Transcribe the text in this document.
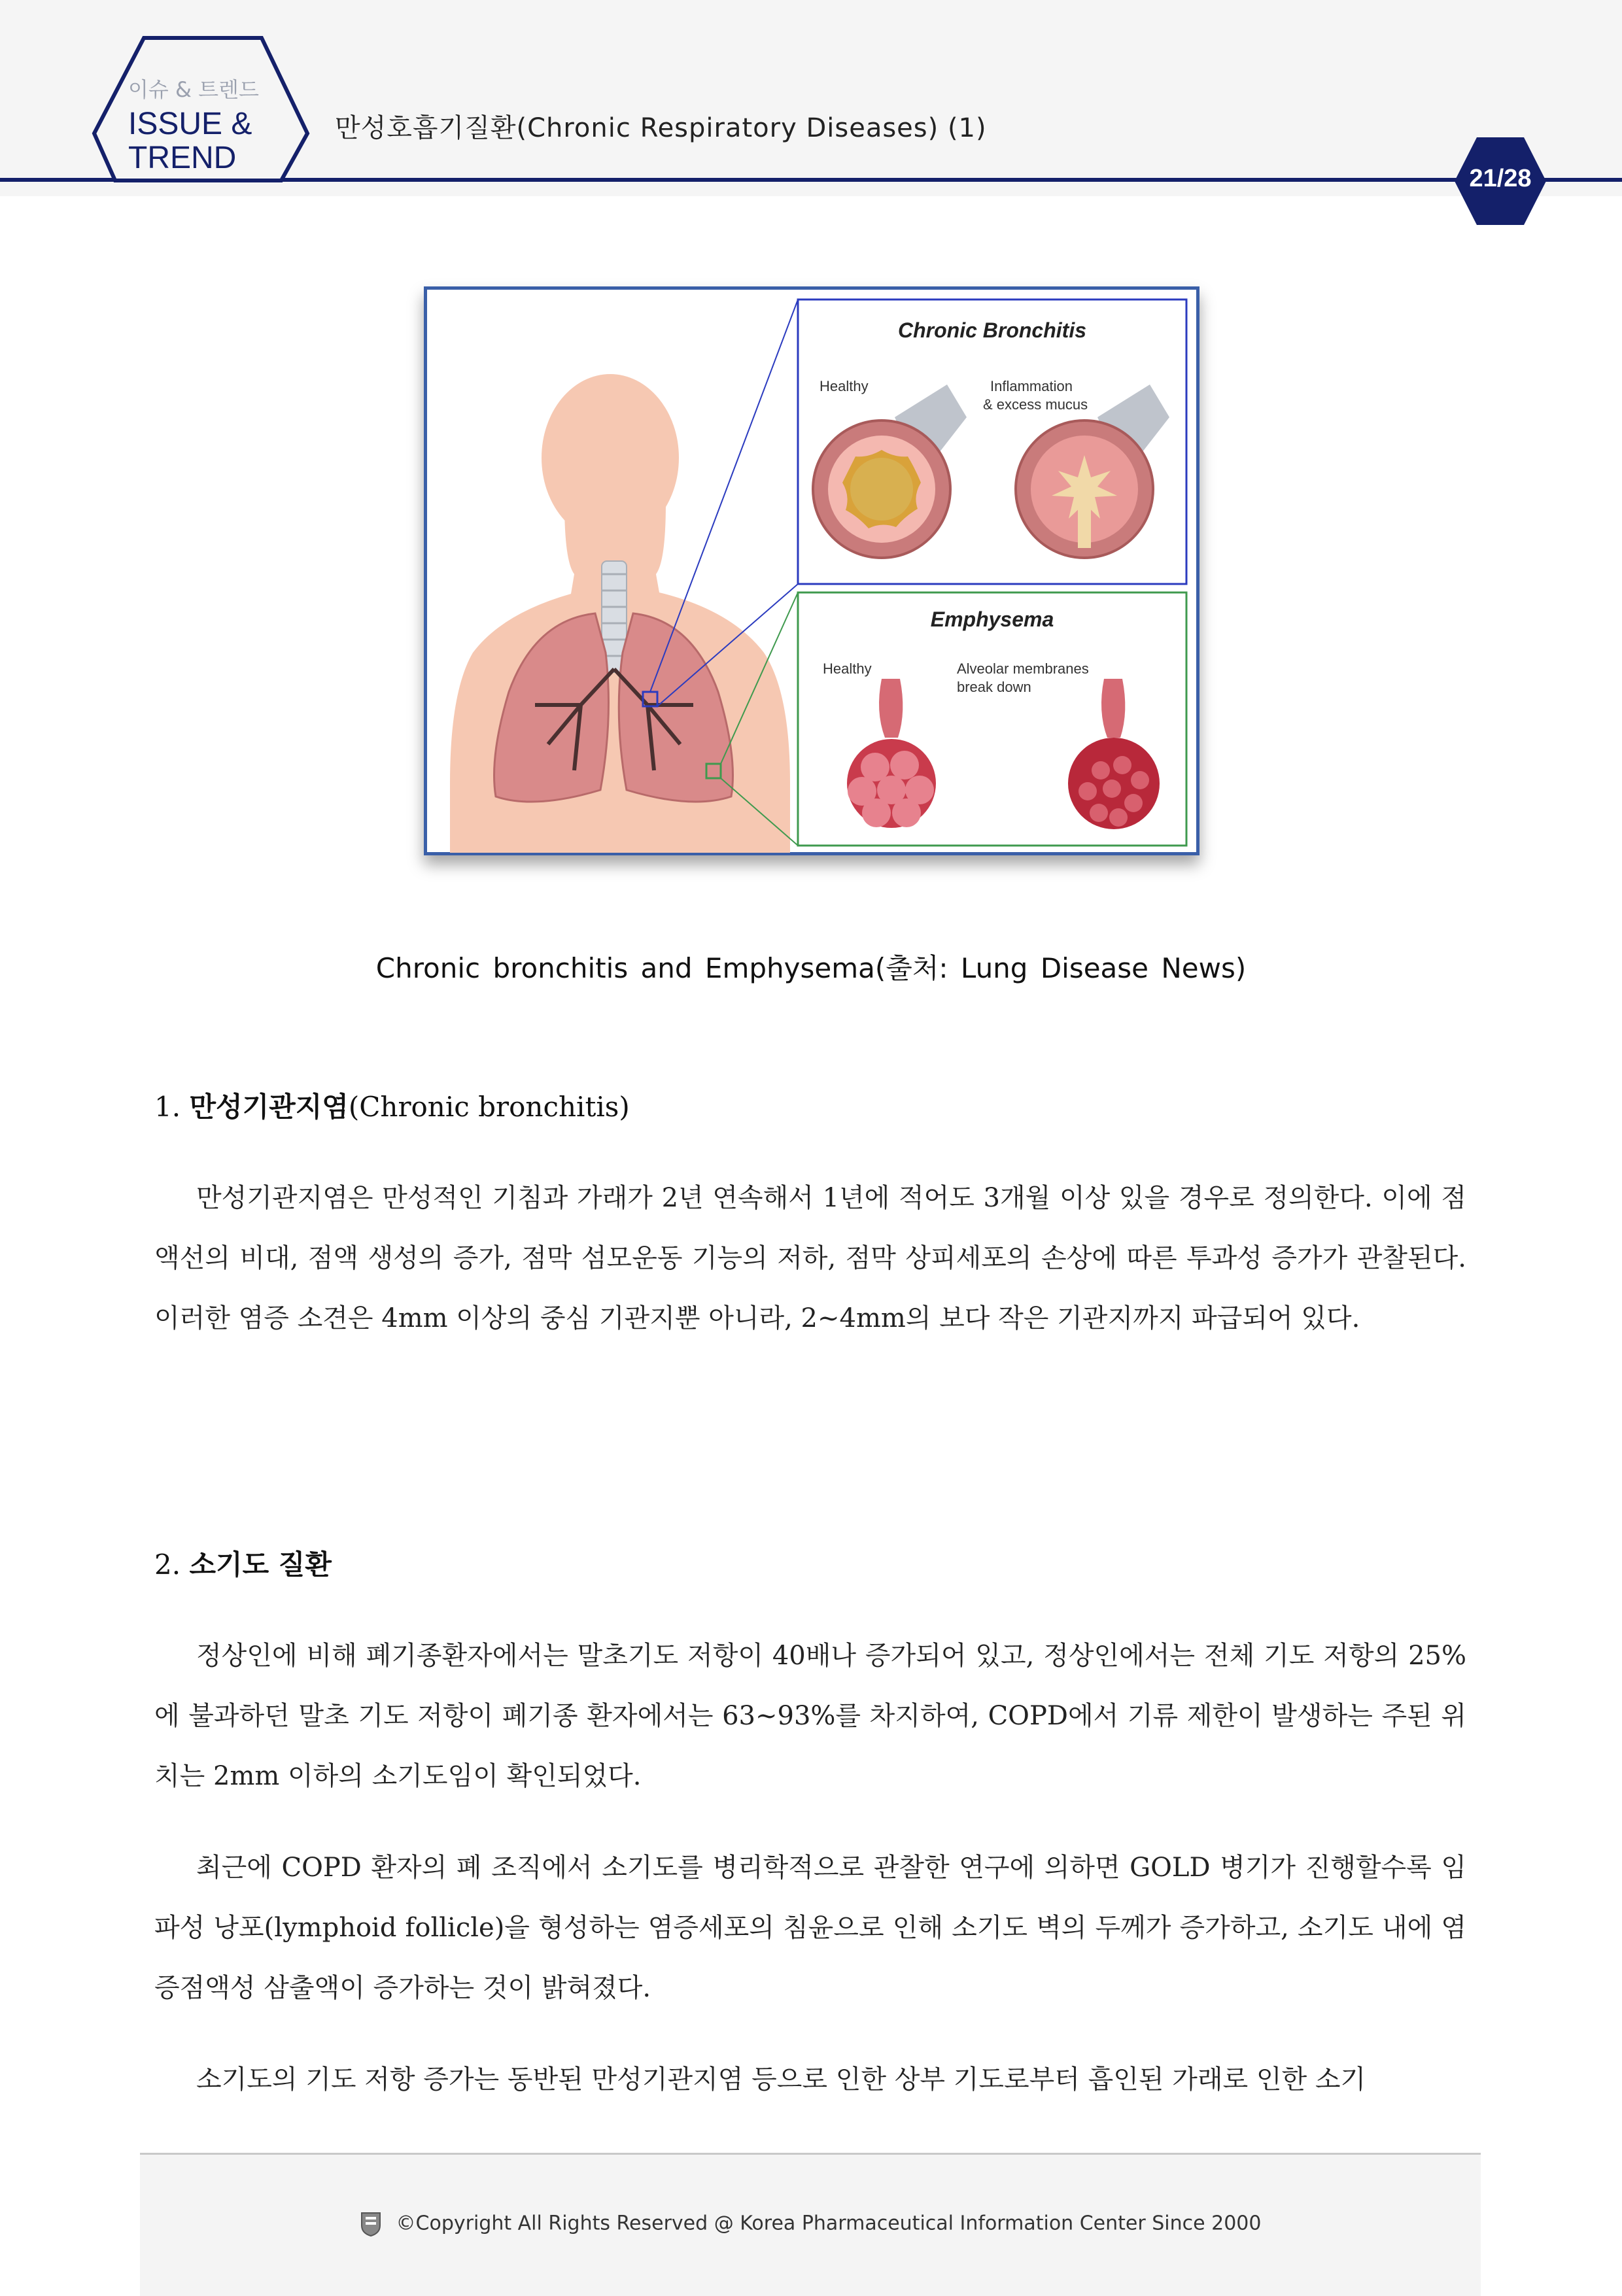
이슈 & 트렌드
ISSUE &
TREND
만성호흡기질환(Chronic Respiratory Diseases) (1)
21/28
Chronic Bronchitis
Healthy	Inflammation
& excess mucus
Emphysema
Healthy	Alveolar membranes
break down
Chronic bronchitis and Emphysema(출처: Lung Disease News)
1. 만성기관지염(Chronic bronchitis)

만성기관지염은 만성적인 기침과 가래가 2년 연속해서 1년에 적어도 3개월 이상 있을 경우로 정의한다. 이에 점액선의 비대, 점액 생성의 증가, 점막 섬모운동 기능의 저하, 점막 상피세포의 손상에 따른 투과성 증가가 관찰된다. 이러한 염증 소견은 4mm 이상의 중심 기관지뿐 아니라, 2~4mm의 보다 작은 기관지까지 파급되어 있다.

2. 소기도 질환

정상인에 비해 폐기종환자에서는 말초기도 저항이 40배나 증가되어 있고, 정상인에서는 전체 기도 저항의 25%에 불과하던 말초 기도 저항이 폐기종 환자에서는 63~93%를 차지하여, COPD에서 기류 제한이 발생하는 주된 위치는 2mm 이하의 소기도임이 확인되었다.

최근에 COPD 환자의 폐 조직에서 소기도를 병리학적으로 관찰한 연구에 의하면 GOLD 병기가 진행할수록 임파성 낭포(lymphoid follicle)을 형성하는 염증세포의 침윤으로 인해 소기도 벽의 두께가 증가하고, 소기도 내에 염증점액성 삼출액이 증가하는 것이 밝혀졌다.

소기도의 기도 저항 증가는 동반된 만성기관지염 등으로 인한 상부 기도로부터 흡인된 가래로 인한 소기

©Copyright All Rights Reserved @ Korea Pharmaceutical Information Center Since 2000
